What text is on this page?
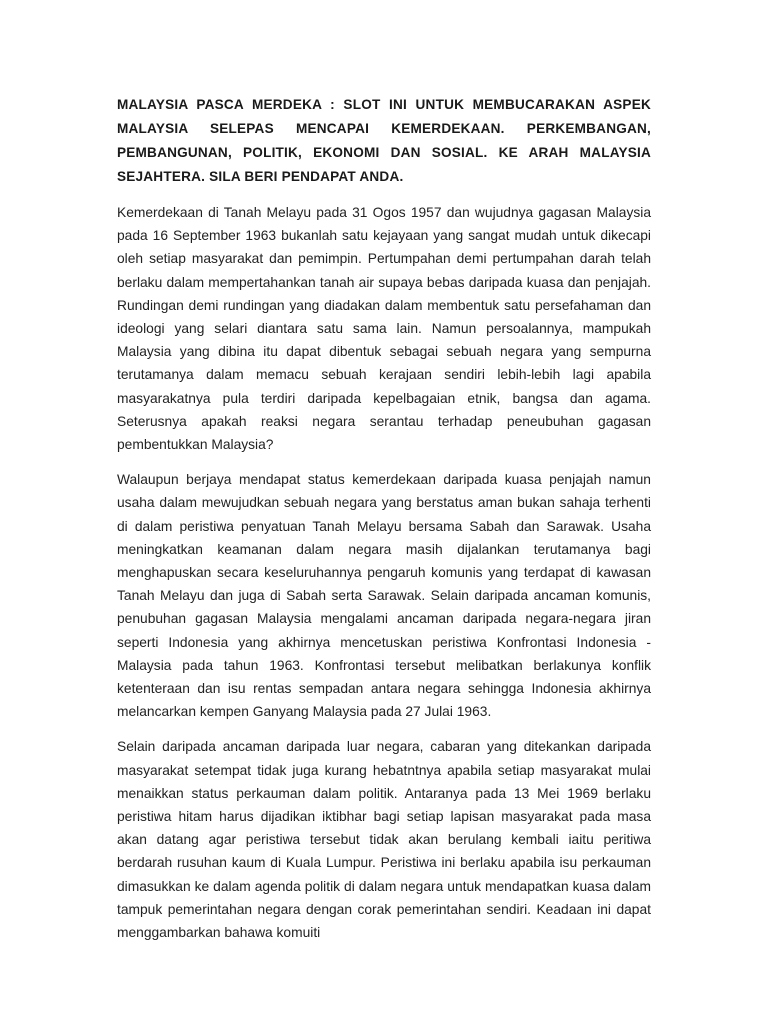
MALAYSIA PASCA MERDEKA : SLOT INI UNTUK MEMBUCARAKAN ASPEK MALAYSIA SELEPAS MENCAPAI KEMERDEKAAN. PERKEMBANGAN, PEMBANGUNAN, POLITIK, EKONOMI DAN SOSIAL. KE ARAH MALAYSIA SEJAHTERA. SILA BERI PENDAPAT ANDA.

Kemerdekaan di Tanah Melayu pada 31 Ogos 1957 dan wujudnya gagasan Malaysia pada 16 September 1963 bukanlah satu kejayaan yang sangat mudah untuk dikecapi oleh setiap masyarakat dan pemimpin. Pertumpahan demi pertumpahan darah telah berlaku dalam mempertahankan tanah air supaya bebas daripada kuasa dan penjajah. Rundingan demi rundingan yang diadakan dalam membentuk satu persefahaman dan ideologi yang selari diantara satu sama lain. Namun persoalannya, mampukah Malaysia yang dibina itu dapat dibentuk sebagai sebuah negara yang sempurna terutamanya dalam memacu sebuah kerajaan sendiri lebih-lebih lagi apabila masyarakatnya pula terdiri daripada kepelbagaian etnik, bangsa dan agama. Seterusnya apakah reaksi negara serantau terhadap peneubuhan gagasan pembentukkan Malaysia?

Walaupun berjaya mendapat status kemerdekaan daripada kuasa penjajah namun usaha dalam mewujudkan sebuah negara yang berstatus aman bukan sahaja terhenti di dalam peristiwa penyatuan Tanah Melayu bersama Sabah dan Sarawak. Usaha meningkatkan keamanan dalam negara masih dijalankan terutamanya bagi menghapuskan secara keseluruhannya pengaruh komunis yang terdapat di kawasan Tanah Melayu dan juga di Sabah serta Sarawak. Selain daripada ancaman komunis, penubuhan gagasan Malaysia mengalami ancaman daripada negara-negara jiran seperti Indonesia yang akhirnya mencetuskan peristiwa Konfrontasi Indonesia - Malaysia pada tahun 1963. Konfrontasi tersebut melibatkan berlakunya konflik ketenteraan dan isu rentas sempadan antara negara sehingga Indonesia akhirnya melancarkan kempen Ganyang Malaysia pada 27 Julai 1963.

Selain daripada ancaman daripada luar negara, cabaran yang ditekankan daripada masyarakat setempat tidak juga kurang hebatntnya apabila setiap masyarakat mulai menaikkan status perkauman dalam politik. Antaranya pada 13 Mei 1969 berlaku peristiwa hitam harus dijadikan iktibhar bagi setiap lapisan masyarakat pada masa akan datang agar peristiwa tersebut tidak akan berulang kembali iaitu peritiwa berdarah rusuhan kaum di Kuala Lumpur. Peristiwa ini berlaku apabila isu perkauman dimasukkan ke dalam agenda politik di dalam negara untuk mendapatkan kuasa dalam tampuk pemerintahan negara dengan corak pemerintahan sendiri. Keadaan ini dapat menggambarkan bahawa komuiti
